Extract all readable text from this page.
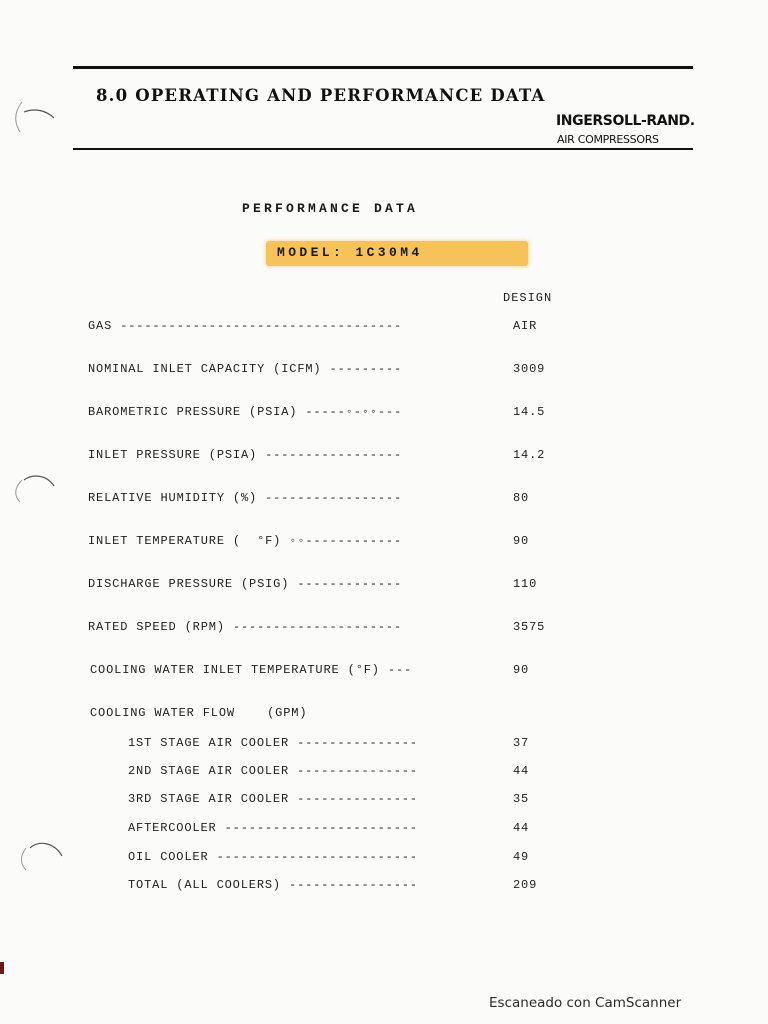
8.0 OPERATING AND PERFORMANCE DATA
INGERSOLL-RAND.
AIR COMPRESSORS
PERFORMANCE DATA
MODEL: 1C30M4
DESIGN
GAS -----------------------------------	AIR
NOMINAL INLET CAPACITY (ICFM) ---------	3009
BAROMETRIC PRESSURE (PSIA) -----◦-◦◦---	14.5
INLET PRESSURE (PSIA) -----------------	14.2
RELATIVE HUMIDITY (%) -----------------	80
INLET TEMPERATURE (  °F) ◦◦------------	90
DISCHARGE PRESSURE (PSIG) -------------	110
RATED SPEED (RPM) ---------------------	3575
COOLING WATER INLET TEMPERATURE (°F) ---	90
COOLING WATER FLOW    (GPM)
1ST STAGE AIR COOLER ---------------	37
2ND STAGE AIR COOLER ---------------	44
3RD STAGE AIR COOLER ---------------	35
AFTERCOOLER ------------------------	44
OIL COOLER -------------------------	49
TOTAL (ALL COOLERS) ----------------	209
Escaneado con CamScanner
